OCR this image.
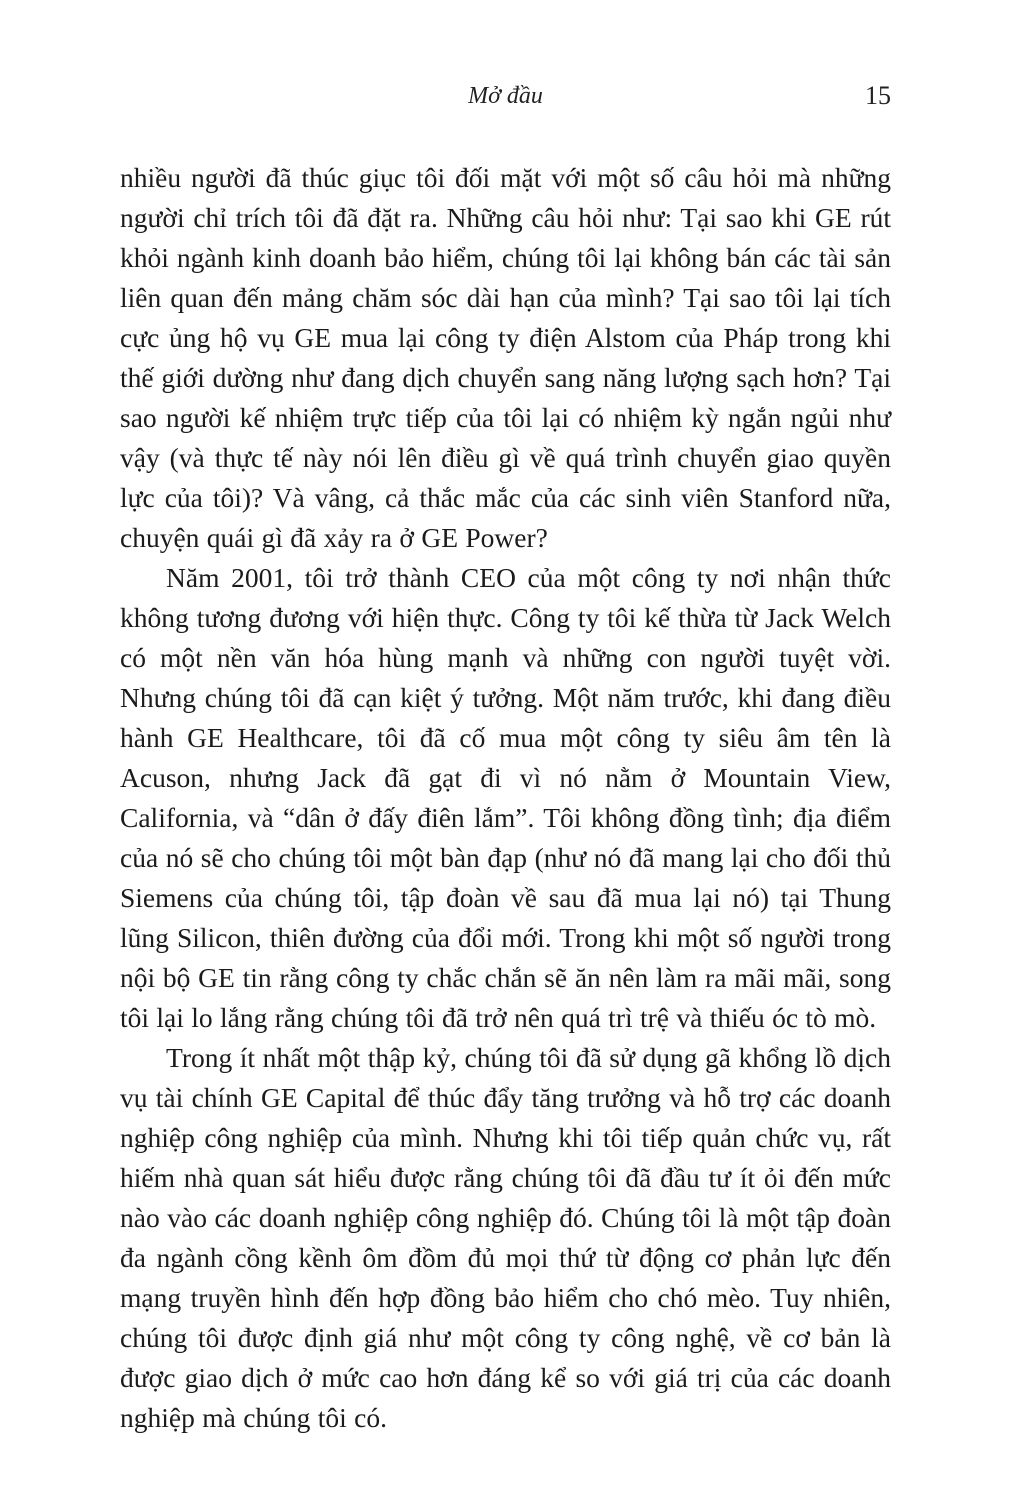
Mở đầu	15

nhiều người đã thúc giục tôi đối mặt với một số câu hỏi mà những người chỉ trích tôi đã đặt ra. Những câu hỏi như: Tại sao khi GE rút khỏi ngành kinh doanh bảo hiểm, chúng tôi lại không bán các tài sản liên quan đến mảng chăm sóc dài hạn của mình? Tại sao tôi lại tích cực ủng hộ vụ GE mua lại công ty điện Alstom của Pháp trong khi thế giới dường như đang dịch chuyển sang năng lượng sạch hơn? Tại sao người kế nhiệm trực tiếp của tôi lại có nhiệm kỳ ngắn ngủi như vậy (và thực tế này nói lên điều gì về quá trình chuyển giao quyền lực của tôi)? Và vâng, cả thắc mắc của các sinh viên Stanford nữa, chuyện quái gì đã xảy ra ở GE Power?

Năm 2001, tôi trở thành CEO của một công ty nơi nhận thức không tương đương với hiện thực. Công ty tôi kế thừa từ Jack Welch có một nền văn hóa hùng mạnh và những con người tuyệt vời. Nhưng chúng tôi đã cạn kiệt ý tưởng. Một năm trước, khi đang điều hành GE Healthcare, tôi đã cố mua một công ty siêu âm tên là Acuson, nhưng Jack đã gạt đi vì nó nằm ở Mountain View, California, và “dân ở đấy điên lắm”. Tôi không đồng tình; địa điểm của nó sẽ cho chúng tôi một bàn đạp (như nó đã mang lại cho đối thủ Siemens của chúng tôi, tập đoàn về sau đã mua lại nó) tại Thung lũng Silicon, thiên đường của đổi mới. Trong khi một số người trong nội bộ GE tin rằng công ty chắc chắn sẽ ăn nên làm ra mãi mãi, song tôi lại lo lắng rằng chúng tôi đã trở nên quá trì trệ và thiếu óc tò mò.

Trong ít nhất một thập kỷ, chúng tôi đã sử dụng gã khổng lồ dịch vụ tài chính GE Capital để thúc đẩy tăng trưởng và hỗ trợ các doanh nghiệp công nghiệp của mình. Nhưng khi tôi tiếp quản chức vụ, rất hiếm nhà quan sát hiểu được rằng chúng tôi đã đầu tư ít ỏi đến mức nào vào các doanh nghiệp công nghiệp đó. Chúng tôi là một tập đoàn đa ngành cồng kềnh ôm đồm đủ mọi thứ từ động cơ phản lực đến mạng truyền hình đến hợp đồng bảo hiểm cho chó mèo. Tuy nhiên, chúng tôi được định giá như một công ty công nghệ, về cơ bản là được giao dịch ở mức cao hơn đáng kể so với giá trị của các doanh nghiệp mà chúng tôi có.
